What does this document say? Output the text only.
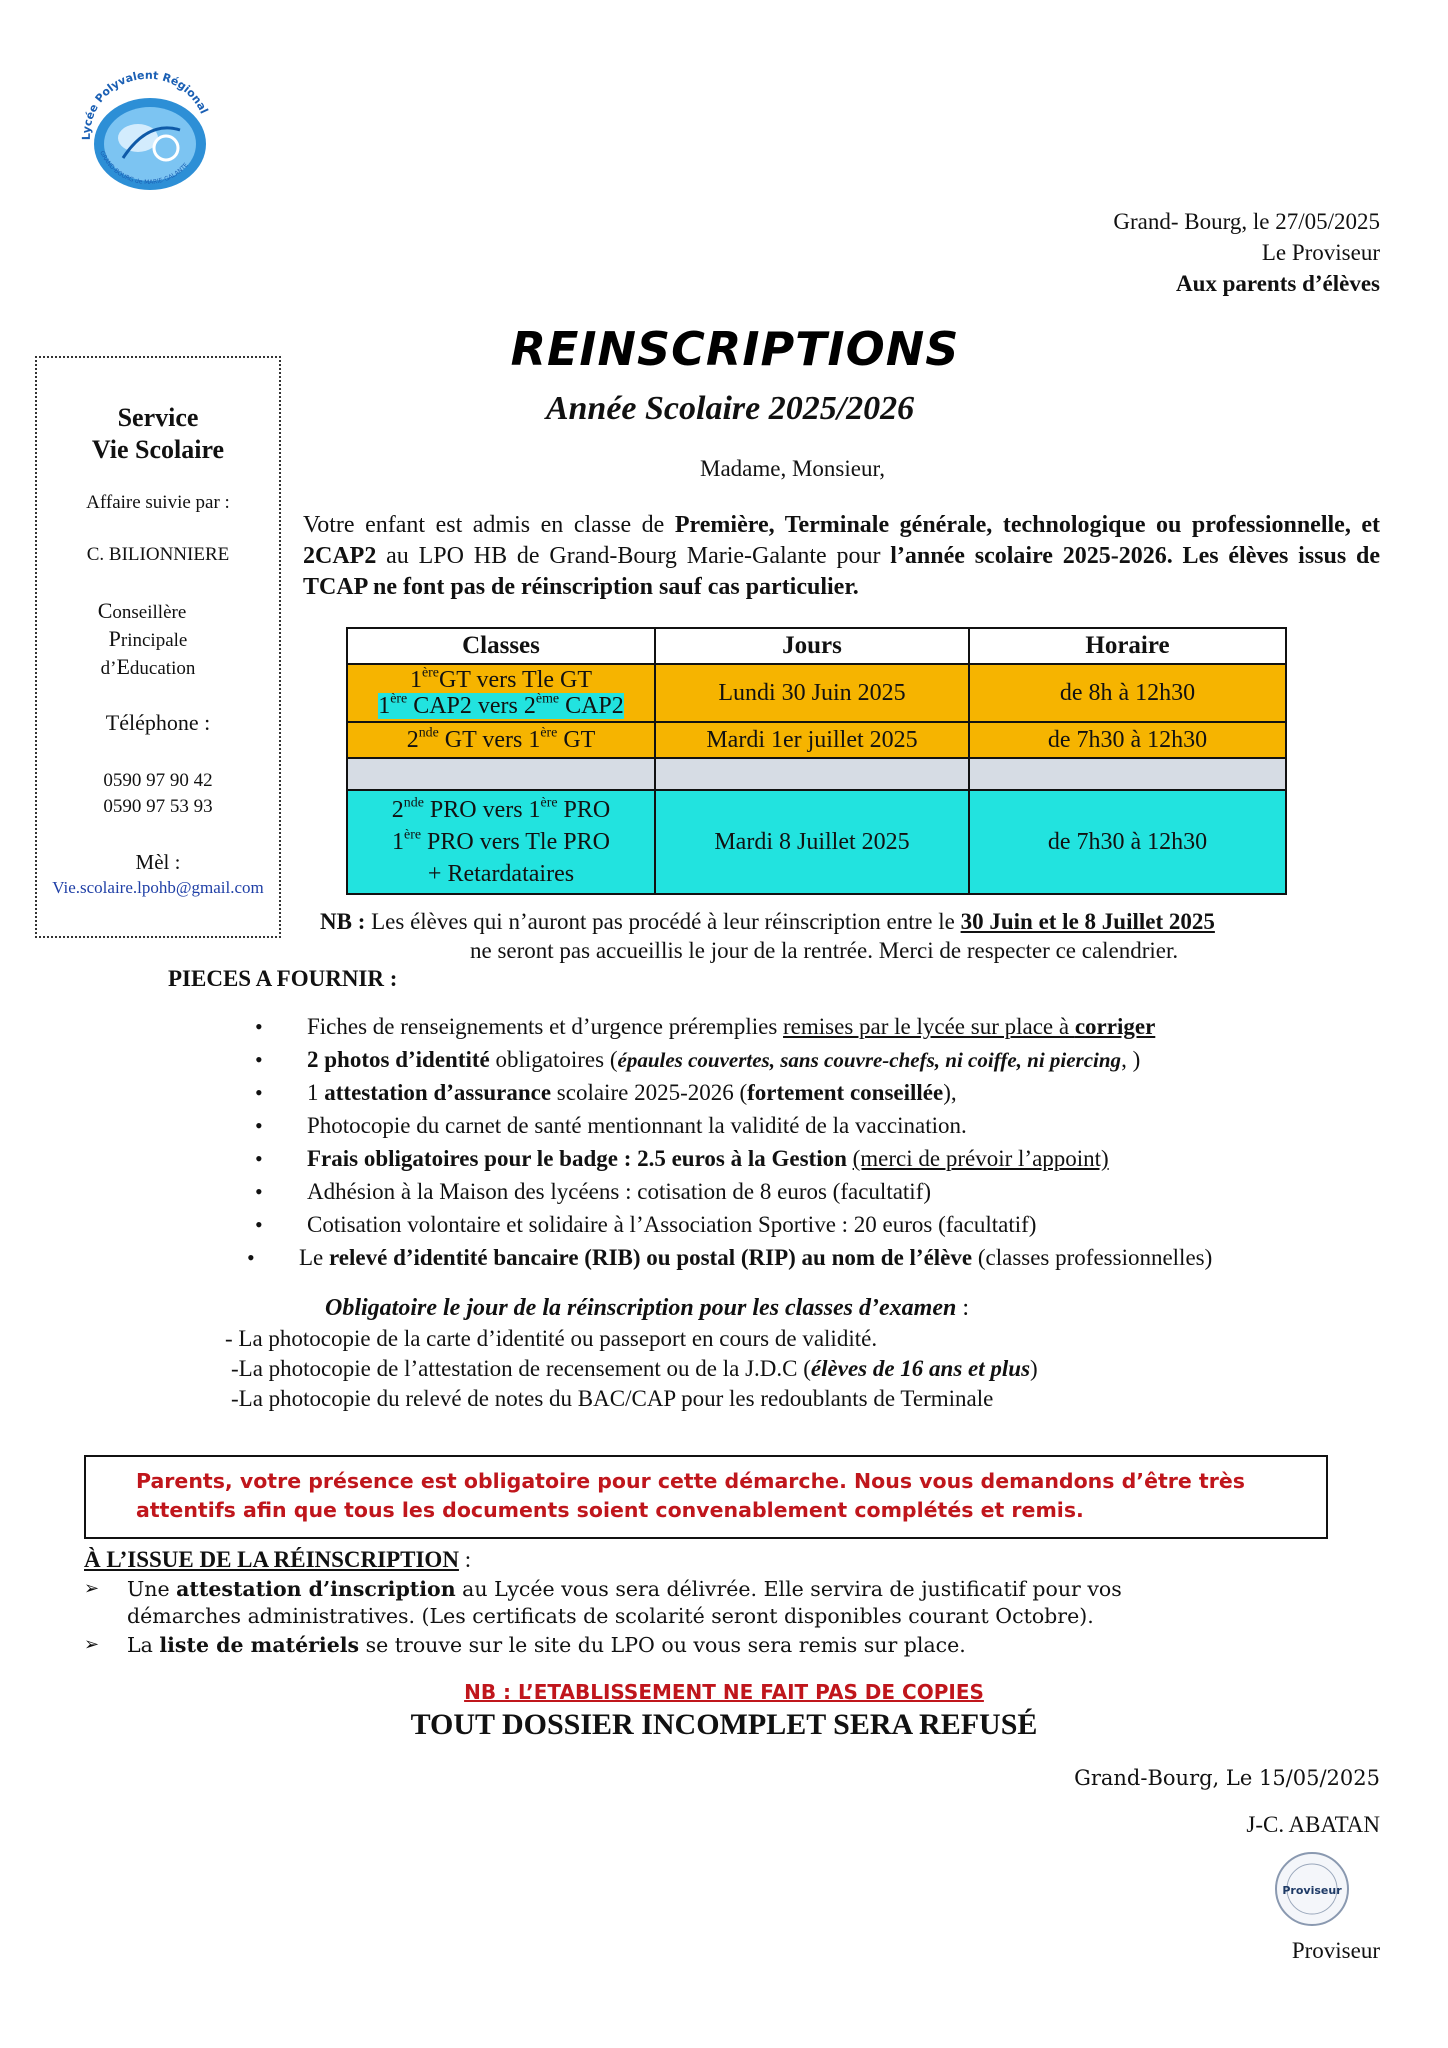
Lycée Polyvalent Régional
GRAND-BOURG de MARIE-GALANTE
Grand- Bourg, le 27/05/2025
Le Proviseur
Aux parents d’élèves
REINSCRIPTIONS
Année Scolaire 2025/2026
Service
Vie Scolaire
Affaire suivie par :
C. BILIONNIERE
Conseillère
Principale
d’Education
Téléphone :
0590 97 90 42
0590 97 53 93
Mèl :
Vie.scolaire.lpohb@gmail.com
Madame, Monsieur,
Votre enfant est admis en classe de Première, Terminale générale, technologique ou professionnelle, et 2CAP2 au LPO HB de Grand-Bourg Marie-Galante pour l’année scolaire 2025-2026. Les élèves issus de TCAP ne font pas de réinscription sauf cas particulier.
Classes	Jours	Horaire

1èreGT vers Tle GT
1ère CAP2 vers 2ème CAP2	Lundi 30 Juin 2025	de 8h à 12h30
2nde GT vers 1ère GT	Mardi 1er juillet 2025	de 7h30 à 12h30

2nde PRO vers 1ère PRO
1ère PRO vers Tle PRO
+ Retardataires	Mardi 8 Juillet 2025	de 7h30 à 12h30
NB : Les élèves qui n’auront pas procédé à leur réinscription entre le 30 Juin et le 8 Juillet 2025
ne seront pas accueillis le jour de la rentrée. Merci de respecter ce calendrier.
PIECES A FOURNIR :
• Fiches de renseignements et d’urgence préremplies remises par le lycée sur place à corriger
• 2 photos d’identité obligatoires (épaules couvertes, sans couvre-chefs, ni coiffe, ni piercing, )
• 1 attestation d’assurance scolaire 2025-2026 (fortement conseillée),
• Photocopie du carnet de santé mentionnant la validité de la vaccination.
• Frais obligatoires pour le badge : 2.5 euros à la Gestion (merci de prévoir l’appoint)
• Adhésion à la Maison des lycéens : cotisation de 8 euros (facultatif)
• Cotisation volontaire et solidaire à l’Association Sportive : 20 euros (facultatif)
• Le relevé d’identité bancaire (RIB) ou postal (RIP) au nom de l’élève (classes professionnelles)
Obligatoire le jour de la réinscription pour les classes d’examen :
- La photocopie de la carte d’identité ou passeport en cours de validité.
-La photocopie de l’attestation de recensement ou de la J.D.C (élèves de 16 ans et plus)
-La photocopie du relevé de notes du BAC/CAP pour les redoublants de Terminale
Parents, votre présence est obligatoire pour cette démarche. Nous vous demandons d’être très attentifs afin que tous les documents soient convenablement complétés et remis.
À L’ISSUE DE LA RÉINSCRIPTION :
➢ Une attestation d’inscription au Lycée vous sera délivrée. Elle servira de justificatif pour vos
démarches administratives. (Les certificats de scolarité seront disponibles courant Octobre).
➢ La liste de matériels se trouve sur le site du LPO ou vous sera remis sur place.
NB : L’ETABLISSEMENT NE FAIT PAS DE COPIES
TOUT DOSSIER INCOMPLET SERA REFUSÉ
Grand-Bourg, Le 15/05/2025
J-C. ABATAN
Proviseur
Proviseur
